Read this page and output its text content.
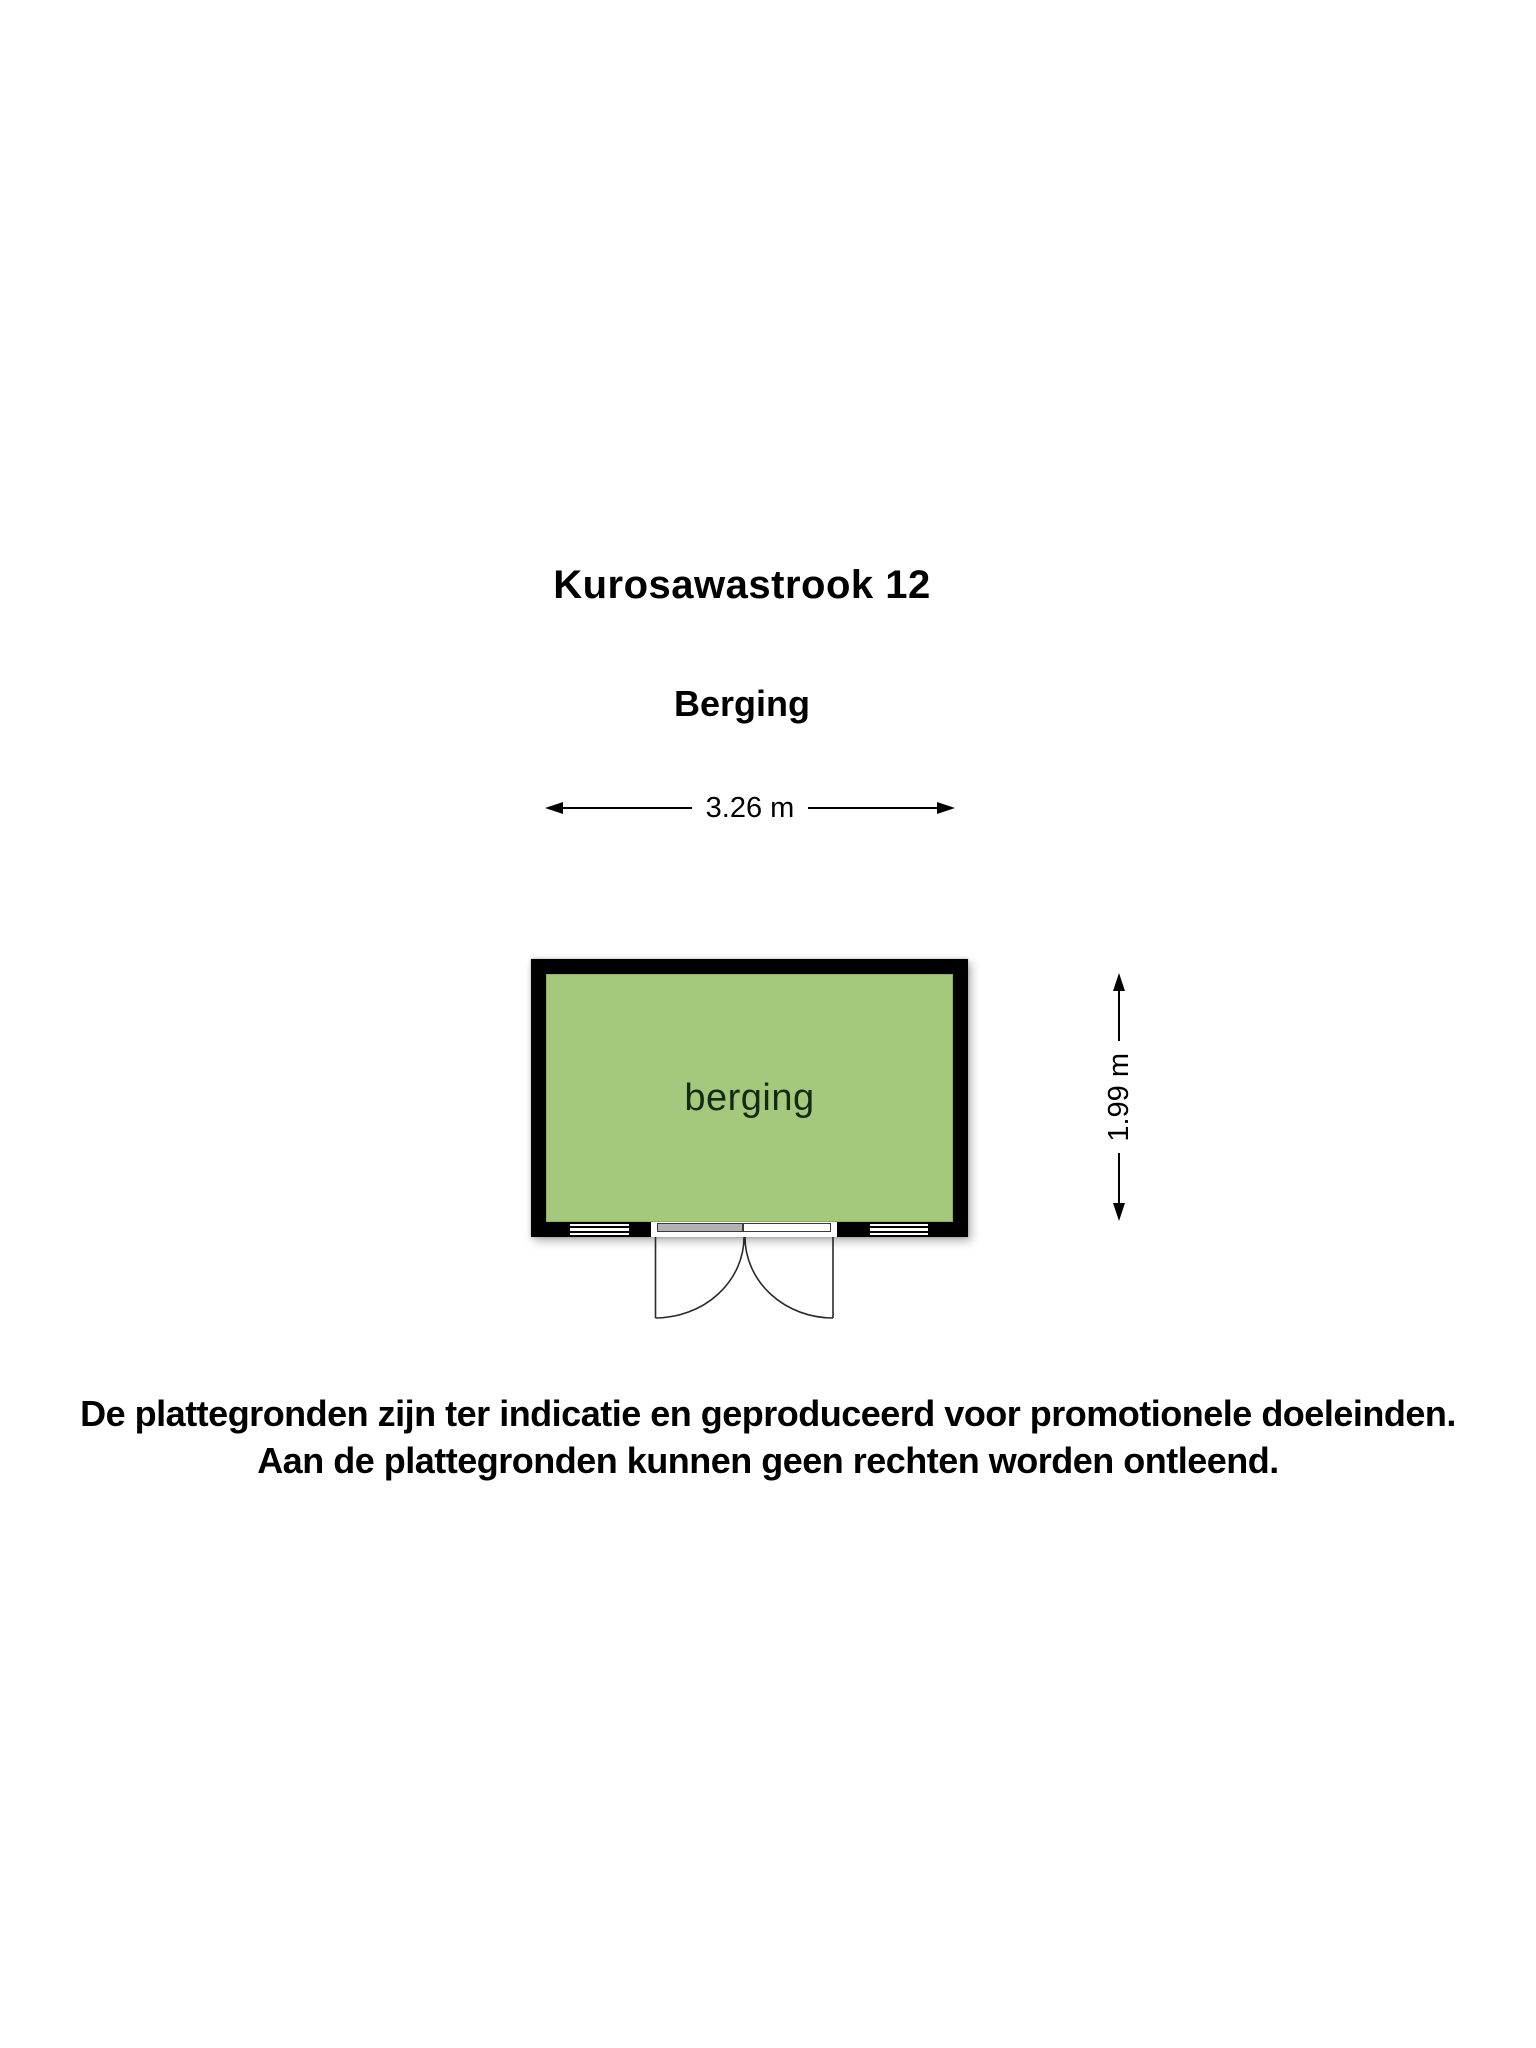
Kurosawastrook 12
Berging
3.26 m
berging	1.99 m
De plattegronden zijn ter indicatie en geproduceerd voor promotionele doeleinden.
Aan de plattegronden kunnen geen rechten worden ontleend.
